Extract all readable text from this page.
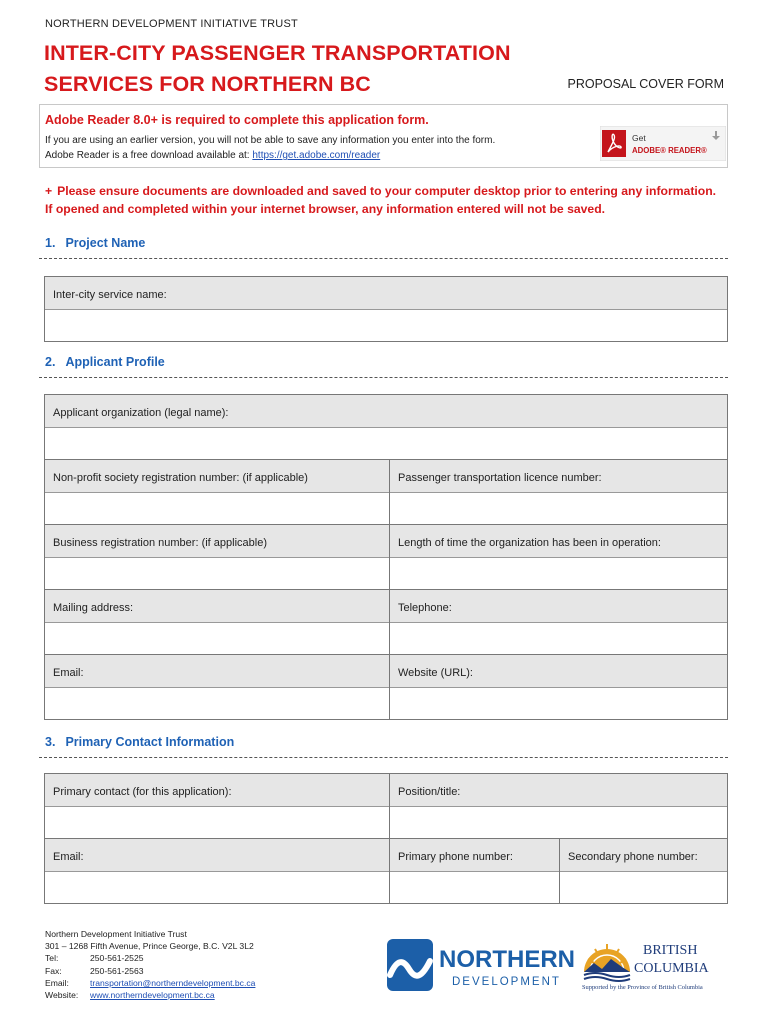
NORTHERN DEVELOPMENT INITIATIVE TRUST
INTER-CITY PASSENGER TRANSPORTATION
SERVICES FOR NORTHERN BC	PROPOSAL COVER FORM
Adobe Reader 8.0+ is required to complete this application form.
If you are using an earlier version, you will not be able to save any information you enter into the form.
Adobe Reader is a free download available at: https://get.adobe.com/reader
Get
ADOBE® READER®
+ Please ensure documents are downloaded and saved to your computer desktop prior to entering any information.
If opened and completed within your internet browser, any information entered will not be saved.
1. Project Name
Inter-city service name:
2. Applicant Profile
Applicant organization (legal name):
Non-profit society registration number: (if applicable)	Passenger transportation licence number:
Business registration number: (if applicable)	Length of time the organization has been in operation:
Mailing address:	Telephone:
Email:	Website (URL):
3. Primary Contact Information
Primary contact (for this application):	Position/title:
Email:	Primary phone number:	Secondary phone number:
Northern Development Initiative Trust
301 – 1268 Fifth Avenue, Prince George, B.C. V2L 3L2
Tel:	250-561-2525
Fax:	250-561-2563
Email: transportation@northerndevelopment.bc.ca
Website: www.northerndevelopment.bc.ca
NORTHERN
DEVELOPMENT
BRITISH
COLUMBIA
Supported by the Province of British Columbia
